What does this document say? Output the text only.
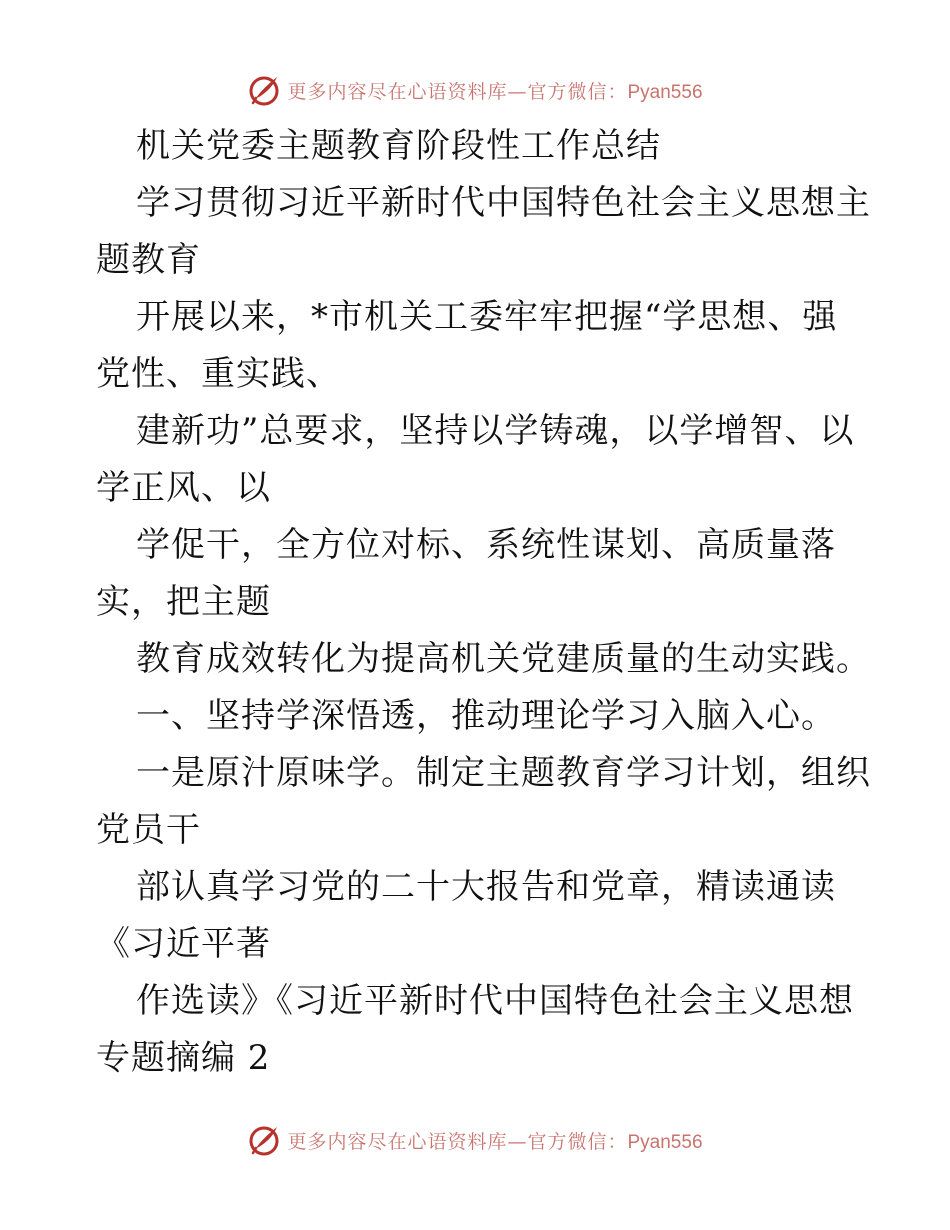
更多内容尽在心语资料库—官方微信：Pyan556
机关党委主题教育阶段性工作总结
学习贯彻习近平新时代中国特色社会主义思想主
题教育
开展以来，*市机关工委牢牢把握“学思想、强
党性、重实践、
建新功”总要求，坚持以学铸魂，以学增智、以
学正风、以
学促干，全方位对标、系统性谋划、高质量落
实，把主题
教育成效转化为提高机关党建质量的生动实践。
一、坚持学深悟透，推动理论学习入脑入心。
一是原汁原味学。制定主题教育学习计划，组织
党员干
部认真学习党的二十大报告和党章，精读通读
《习近平著
作选读》《习近平新时代中国特色社会主义思想
专题摘编 2
更多内容尽在心语资料库—官方微信：Pyan556
